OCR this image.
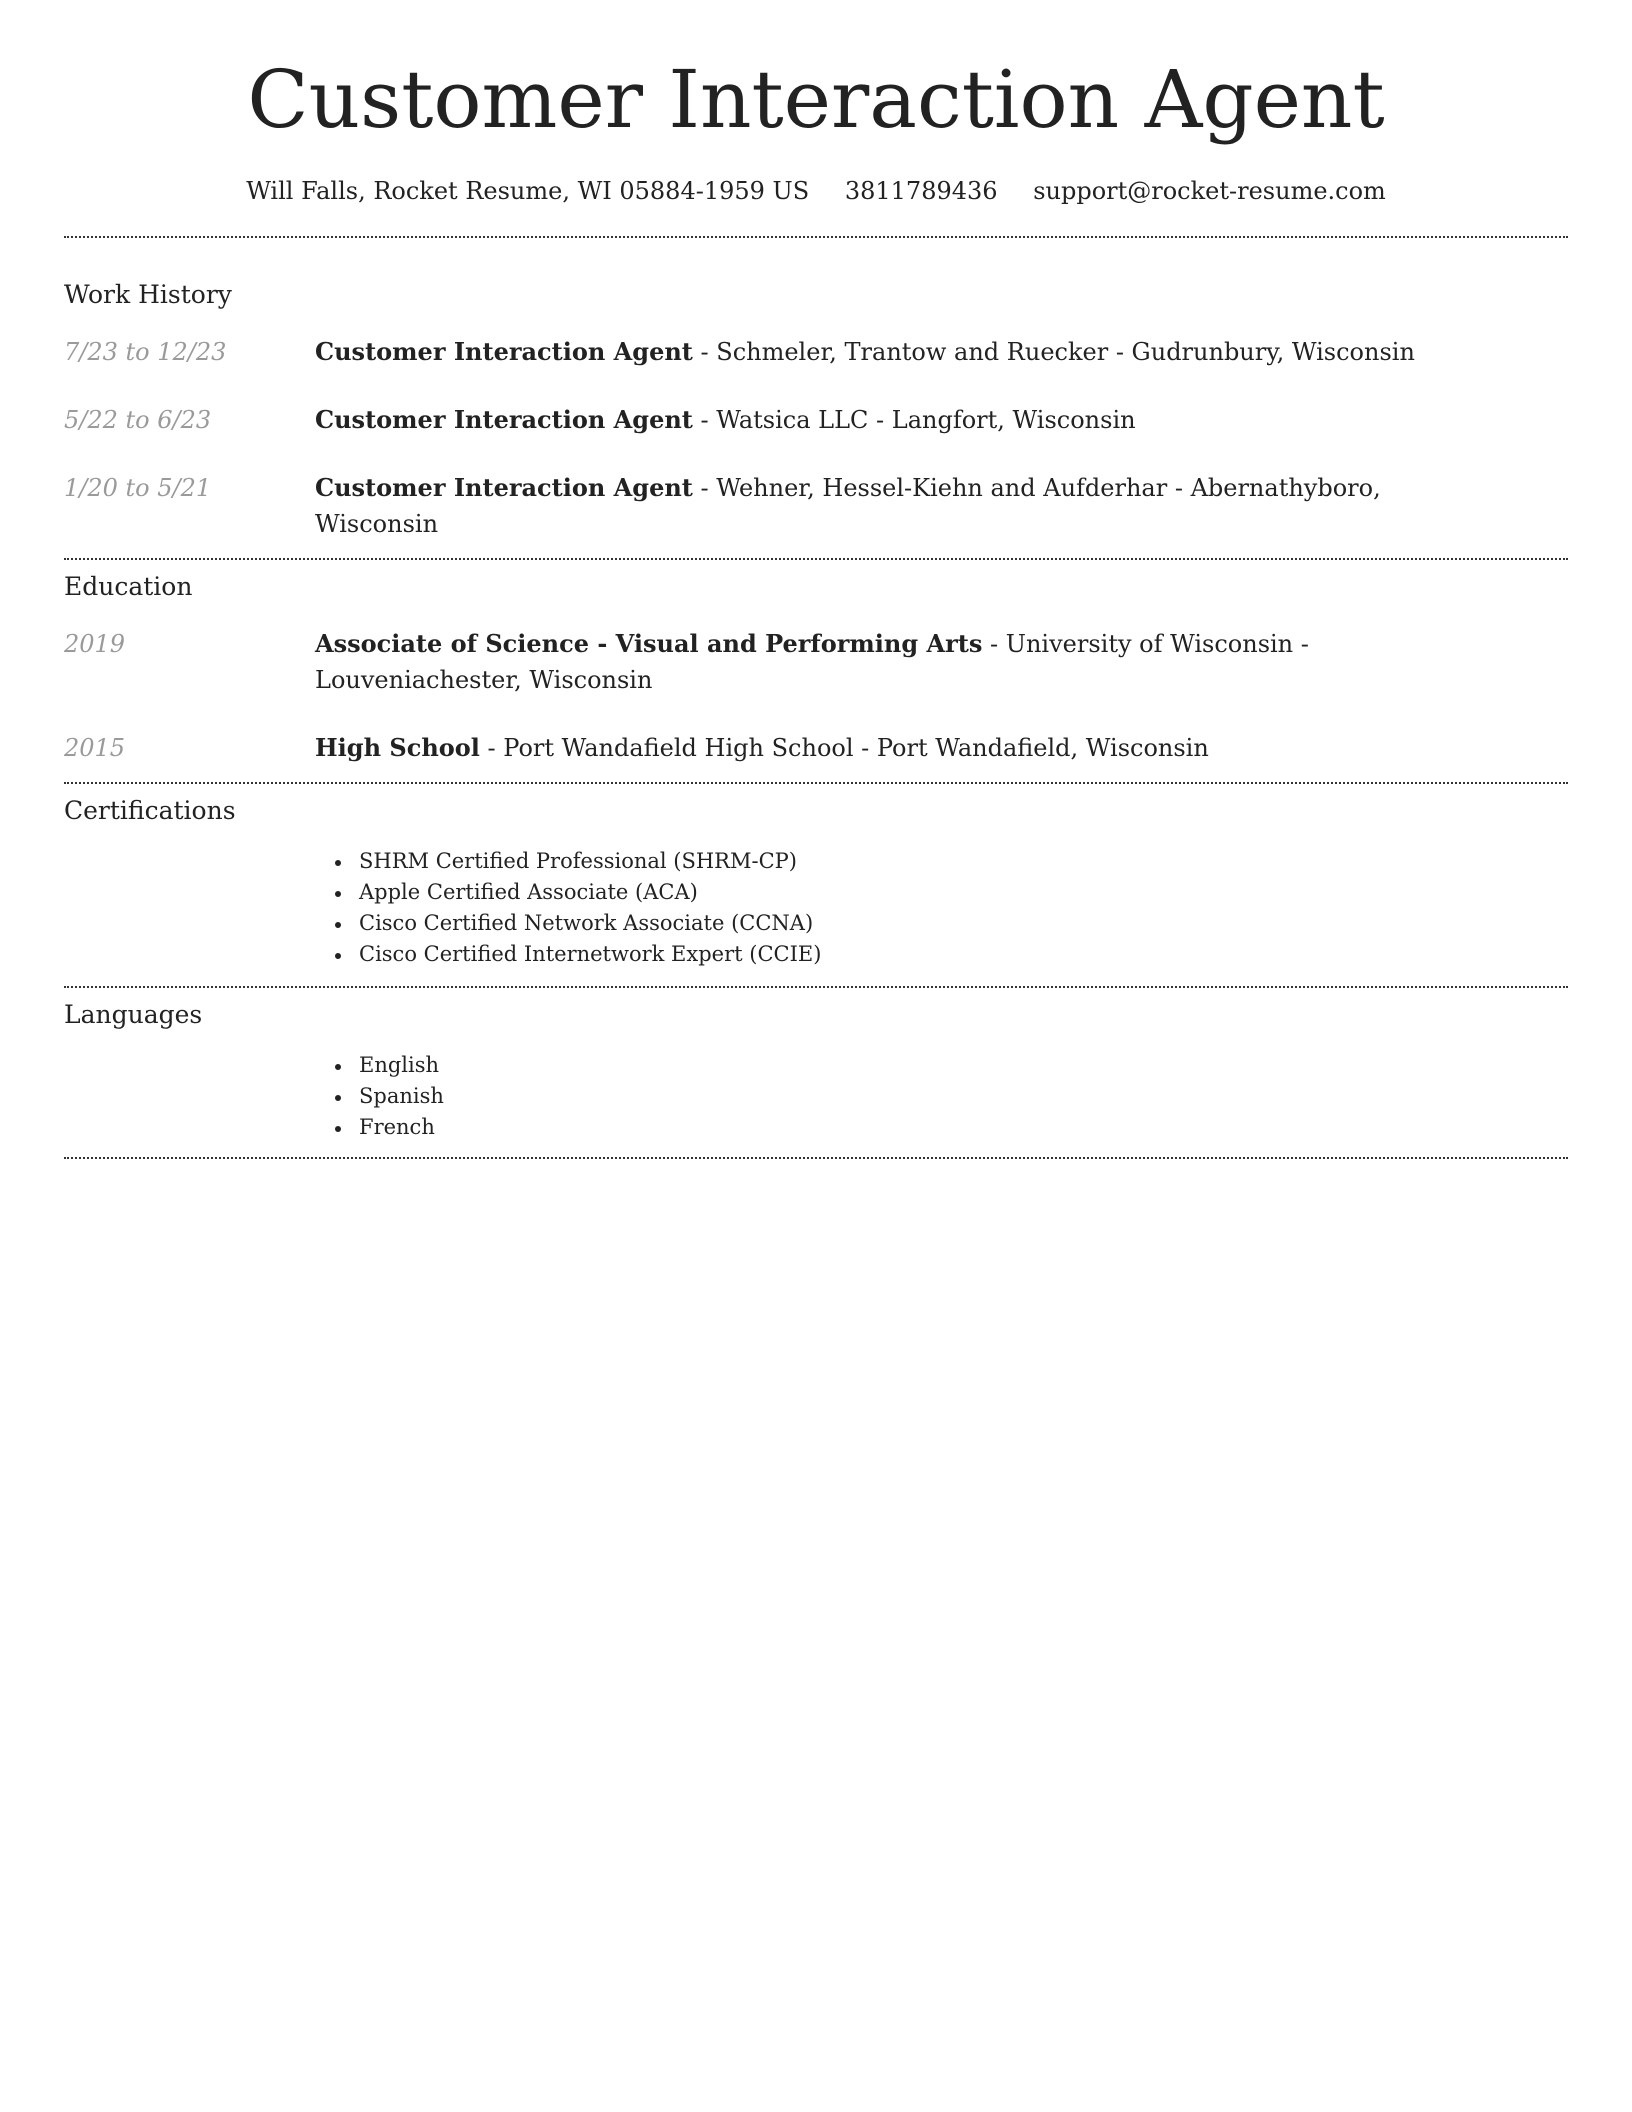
Customer Interaction Agent
Will Falls, Rocket Resume, WI 05884-1959 US 3811789436 support@rocket-resume.com
Work History
7/23 to 12/23	Customer Interaction Agent - Schmeler, Trantow and Ruecker - Gudrunbury, Wisconsin
5/22 to 6/23	Customer Interaction Agent - Watsica LLC - Langfort, Wisconsin
1/20 to 5/21	Customer Interaction Agent - Wehner, Hessel-Kiehn and Aufderhar - Abernathyboro, Wisconsin
Education
2019	Associate of Science - Visual and Performing Arts - University of Wisconsin - Louveniachester, Wisconsin
2015	High School - Port Wandafield High School - Port Wandafield, Wisconsin
Certifications
SHRM Certified Professional (SHRM-CP)
Apple Certified Associate (ACA)
Cisco Certified Network Associate (CCNA)
Cisco Certified Internetwork Expert (CCIE)
Languages
English
Spanish
French
